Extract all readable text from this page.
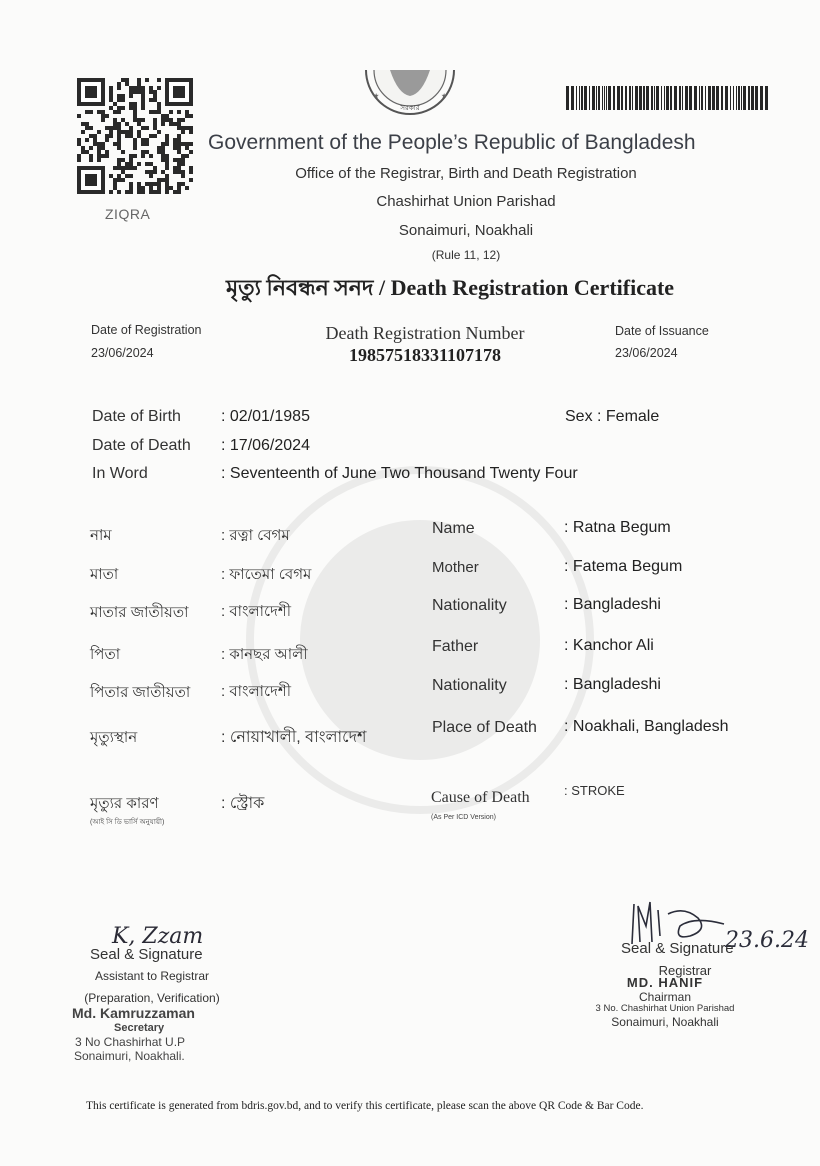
ZIQRA
★	★
সরকার
Government of the People’s Republic of Bangladesh
Office of the Registrar, Birth and Death Registration
Chashirhat Union Parishad
Sonaimuri, Noakhali
(Rule 11, 12)
মৃত্যু নিবন্ধন সনদ / Death Registration Certificate
Date of Registration
23/06/2024
Death Registration Number
19857518331107178
Date of Issuance
23/06/2024
Date of Birth	: 02/01/1985	Sex : Female
Date of Death : 17/06/2024
In Word	: Seventeenth of June Two Thousand Twenty Four
নাম	: রত্না বেগম
মাতা	: ফাতেমা বেগম
মাতার জাতীয়তা : বাংলাদেশী
পিতা	: কানছর আলী
পিতার জাতীয়তা : বাংলাদেশী
মৃত্যুস্থান	: নোয়াখালী, বাংলাদেশ
মৃত্যুর কারণ
(আই সি ডি ভার্সি অনুযায়ী)
: স্ট্রোক
Name	: Ratna Begum
Mother	: Fatema Begum
Nationality	: Bangladeshi
Father	: Kanchor Ali
Nationality	: Bangladeshi
Place of Death : Noakhali, Bangladesh
Cause of Death
(As Per ICD Version)
: STROKE
K, Zzam
Seal & Signature
Assistant to Registrar
(Preparation, Verification)
Md. Kamruzzaman
Secretary
3 No Chashirhat U.P
Sonaimuri, Noakhali.
23.6.24
Seal & Signature
Registrar
MD. HANIF
Chairman
3 No. Chashirhat Union Parishad
Sonaimuri, Noakhali
This certificate is generated from bdris.gov.bd, and to verify this certificate, please scan the above QR Code & Bar Code.
